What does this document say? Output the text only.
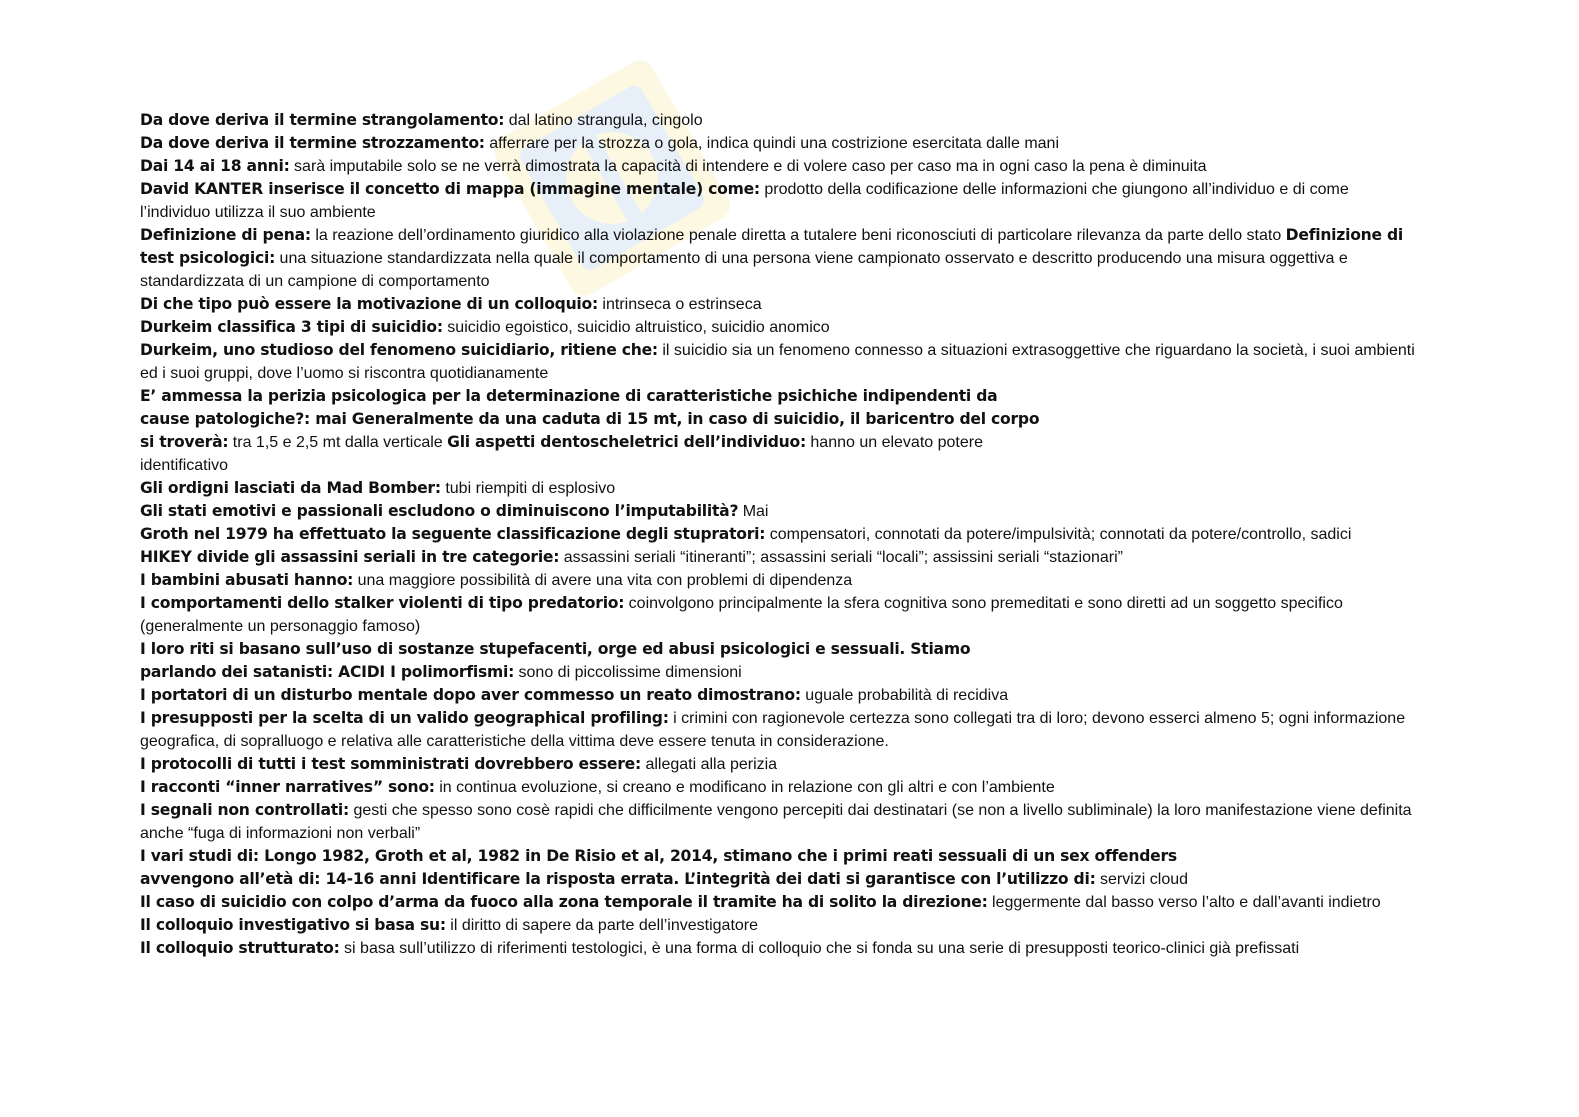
Da dove deriva il termine strangolamento: dal latino strangula, cingolo

Da dove deriva il termine strozzamento: afferrare per la strozza o gola, indica quindi una costrizione esercitata dalle mani

Dai 14 ai 18 anni: sarà imputabile solo se ne verrà dimostrata la capacità di intendere e di volere caso per caso ma in ogni caso la pena è diminuita

David KANTER inserisce il concetto di mappa (immagine mentale) come: prodotto della codificazione delle informazioni che giungono all’individuo e di come l’individuo utilizza il suo ambiente

Definizione di pena: la reazione dell’ordinamento giuridico alla violazione penale diretta a tutalere beni riconosciuti di particolare rilevanza da parte dello stato Definizione di test psicologici: una situazione standardizzata nella quale il comportamento di una persona viene campionato osservato e descritto producendo una misura oggettiva e standardizzata di un campione di comportamento

Di che tipo può essere la motivazione di un colloquio: intrinseca o estrinseca

Durkeim classifica 3 tipi di suicidio: suicidio egoistico, suicidio altruistico, suicidio anomico

Durkeim, uno studioso del fenomeno suicidiario, ritiene che: il suicidio sia un fenomeno connesso a situazioni extrasoggettive che riguardano la società, i suoi ambienti ed i suoi gruppi, dove l’uomo si riscontra quotidianamente

E’ ammessa la perizia psicologica per la determinazione di caratteristiche psichiche indipendenti da cause patologiche?: mai Generalmente da una caduta di 15 mt, in caso di suicidio, il baricentro del corpo si troverà: tra 1,5 e 2,5 mt dalla verticale Gli aspetti dentoscheletrici dell’individuo: hanno un elevato potere identificativo

Gli ordigni lasciati da Mad Bomber: tubi riempiti di esplosivo

Gli stati emotivi e passionali escludono o diminuiscono l’imputabilità? Mai

Groth nel 1979 ha effettuato la seguente classificazione degli stupratori: compensatori, connotati da potere/impulsività; connotati da potere/controllo, sadici

HIKEY divide gli assassini seriali in tre categorie: assassini seriali “itineranti”; assassini seriali “locali”; assissini seriali “stazionari”

I bambini abusati hanno: una maggiore possibilità di avere una vita con problemi di dipendenza

I comportamenti dello stalker violenti di tipo predatorio: coinvolgono principalmente la sfera cognitiva sono premeditati e sono diretti ad un soggetto specifico (generalmente un personaggio famoso)

I loro riti si basano sull’uso di sostanze stupefacenti, orge ed abusi psicologici e sessuali. Stiamo parlando dei satanisti: ACIDI I polimorfismi: sono di piccolissime dimensioni

I portatori di un disturbo mentale dopo aver commesso un reato dimostrano: uguale probabilità di recidiva

I presupposti per la scelta di un valido geographical profiling: i crimini con ragionevole certezza sono collegati tra di loro; devono esserci almeno 5; ogni informazione geografica, di sopralluogo e relativa alle caratteristiche della vittima deve essere tenuta in considerazione.

I protocolli di tutti i test somministrati dovrebbero essere: allegati alla perizia

I racconti “inner narratives” sono: in continua evoluzione, si creano e modificano in relazione con gli altri e con l’ambiente

I segnali non controllati: gesti che spesso sono cosè rapidi che difficilmente vengono percepiti dai destinatari (se non a livello subliminale) la loro manifestazione viene definita anche “fuga di informazioni non verbali”

I vari studi di: Longo 1982, Groth et al, 1982 in De Risio et al, 2014, stimano che i primi reati sessuali di un sex offenders avvengono all’età di: 14-16 anni Identificare la risposta errata. L’integrità dei dati si garantisce con l’utilizzo di: servizi cloud

Il caso di suicidio con colpo d’arma da fuoco alla zona temporale il tramite ha di solito la direzione: leggermente dal basso verso l’alto e dall’avanti indietro

Il colloquio investigativo si basa su: il diritto di sapere da parte dell’investigatore

Il colloquio strutturato: si basa sull’utilizzo di riferimenti testologici, è una forma di colloquio che si fonda su una serie di presupposti teorico-clinici già prefissati
